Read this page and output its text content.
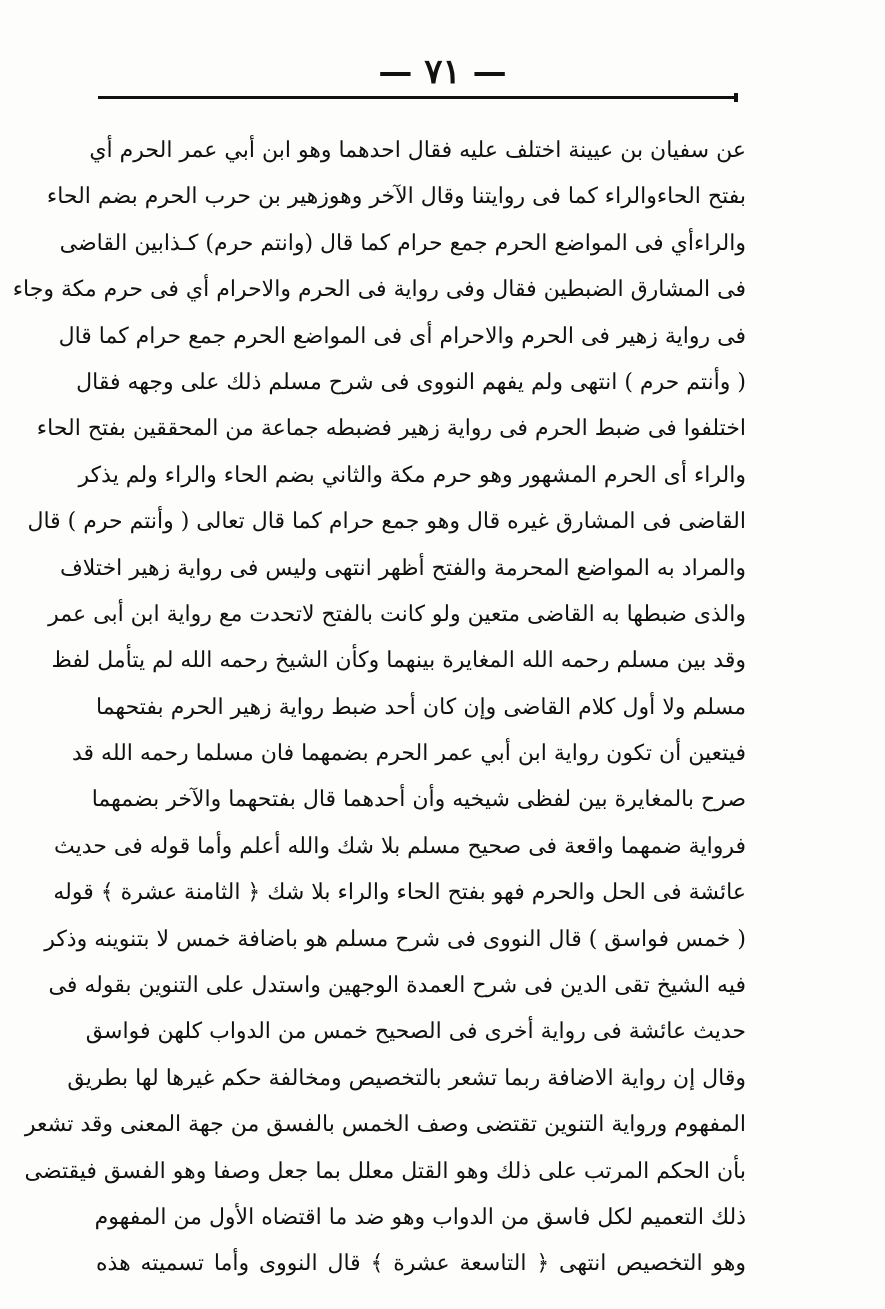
— ٧١ —
عن سفيان بن عيينة اختلف عليه فقال احدهما وهو ابن أبي عمر الحرم أي
بفتح الحاءوالراء كما فى روايتنا وقال الآخر وهوزهير بن حرب الحرم بضم الحاء
والراءأي فى المواضع الحرم جمع حرام كما قال (وانتم حرم) كـذابين القاضى
فى المشارق الضبطين فقال وفى رواية فى الحرم والاحرام أي فى حرم مكة وجاء
فى رواية زهير فى الحرم والاحرام أى فى المواضع الحرم جمع حرام كما قال
( وأنتم حرم ) انتهى ولم يفهم النووى فى شرح مسلم ذلك على وجهه فقال
اختلفوا فى ضبط الحرم فى رواية زهير فضبطه جماعة من المحققين بفتح الحاء
والراء أى الحرم المشهور وهو حرم مكة والثاني بضم الحاء والراء ولم يذكر
القاضى فى المشارق غيره قال وهو جمع حرام كما قال تعالى ( وأنتم حرم ) قال
والمراد به المواضع المحرمة والفتح أظهر انتهى وليس فى رواية زهير اختلاف
والذى ضبطها به القاضى متعين ولو كانت بالفتح لاتحدت مع رواية ابن أبى عمر
وقد بين مسلم رحمه الله المغايرة بينهما وكأن الشيخ رحمه الله لم يتأمل لفظ
مسلم ولا أول كلام القاضى وإن كان أحد ضبط رواية زهير الحرم بفتحهما
فيتعين أن تكون رواية ابن أبي عمر الحرم بضمهما فان مسلما رحمه الله قد
صرح بالمغايرة بين لفظى شيخيه وأن أحدهما قال بفتحهما والآخر بضمهما
فرواية ضمهما واقعة فى صحيح مسلم بلا شك والله أعلم وأما قوله فى حديث
عائشة فى الحل والحرم فهو بفتح الحاء والراء بلا شك ﴿ الثامنة عشرة ﴾ قوله
( خمس فواسق ) قال النووى فى شرح مسلم هو باضافة خمس لا بتنوينه وذكر
فيه الشيخ تقى الدين فى شرح العمدة الوجهين واستدل على التنوين بقوله فى
حديث عائشة فى رواية أخرى فى الصحيح خمس من الدواب كلهن فواسق
وقال إن رواية الاضافة ربما تشعر بالتخصيص ومخالفة حكم غيرها لها بطريق
المفهوم ورواية التنوين تقتضى وصف الخمس بالفسق من جهة المعنى وقد تشعر
بأن الحكم المرتب على ذلك وهو القتل معلل بما جعل وصفا وهو الفسق فيقتضى
ذلك التعميم لكل فاسق من الدواب وهو ضد ما اقتضاه الأول من المفهوم
وهو التخصيص انتهى ﴿ التاسعة عشرة ﴾ قال النووى وأما تسميته هذه
